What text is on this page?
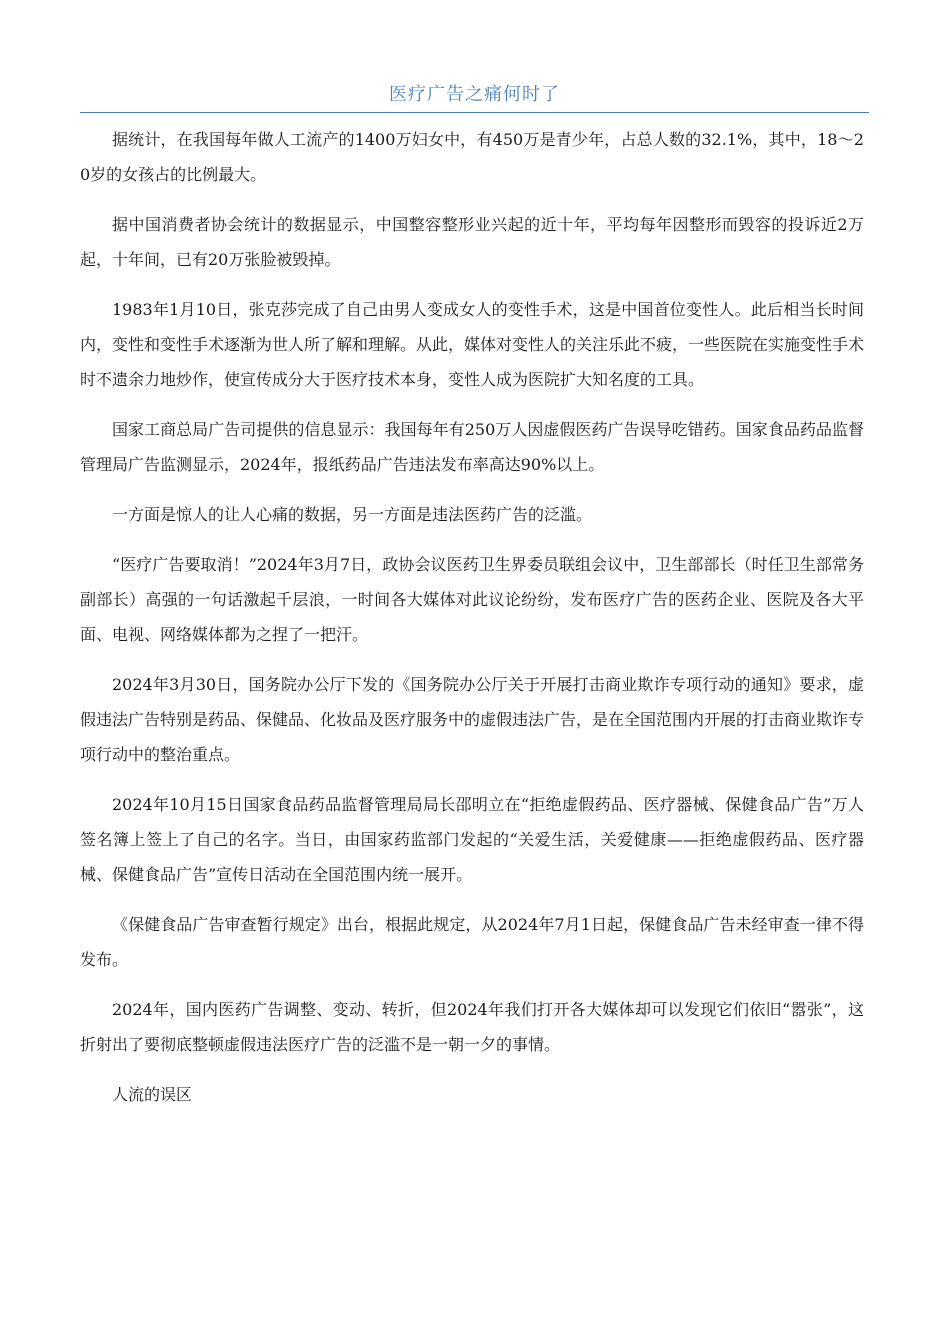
医疗广告之痛何时了

据统计，在我国每年做人工流产的1400万妇女中，有450万是青少年，占总人数的32.1%，其中，18～20岁的女孩占的比例最大。

据中国消费者协会统计的数据显示，中国整容整形业兴起的近十年，平均每年因整形而毁容的投诉近2万起，十年间，已有20万张脸被毁掉。

1983年1月10日，张克莎完成了自己由男人变成女人的变性手术，这是中国首位变性人。此后相当长时间内，变性和变性手术逐渐为世人所了解和理解。从此，媒体对变性人的关注乐此不疲，一些医院在实施变性手术时不遗余力地炒作，使宣传成分大于医疗技术本身，变性人成为医院扩大知名度的工具。

国家工商总局广告司提供的信息显示：我国每年有250万人因虚假医药广告误导吃错药。国家食品药品监督管理局广告监测显示，2024年，报纸药品广告违法发布率高达90%以上。

一方面是惊人的让人心痛的数据，另一方面是违法医药广告的泛滥。

“医疗广告要取消！”2024年3月7日，政协会议医药卫生界委员联组会议中，卫生部部长（时任卫生部常务副部长）高强的一句话激起千层浪，一时间各大媒体对此议论纷纷，发布医疗广告的医药企业、医院及各大平面、电视、网络媒体都为之捏了一把汗。

2024年3月30日，国务院办公厅下发的《国务院办公厅关于开展打击商业欺诈专项行动的通知》要求，虚假违法广告特别是药品、保健品、化妆品及医疗服务中的虚假违法广告，是在全国范围内开展的打击商业欺诈专项行动中的整治重点。

2024年10月15日国家食品药品监督管理局局长邵明立在“拒绝虚假药品、医疗器械、保健食品广告”万人签名簿上签上了自己的名字。当日，由国家药监部门发起的“关爱生活，关爱健康——拒绝虚假药品、医疗器械、保健食品广告”宣传日活动在全国范围内统一展开。

《保健食品广告审查暂行规定》出台，根据此规定，从2024年7月1日起，保健食品广告未经审查一律不得发布。

2024年，国内医药广告调整、变动、转折，但2024年我们打开各大媒体却可以发现它们依旧“嚣张”，这折射出了要彻底整顿虚假违法医疗广告的泛滥不是一朝一夕的事情。

人流的误区
